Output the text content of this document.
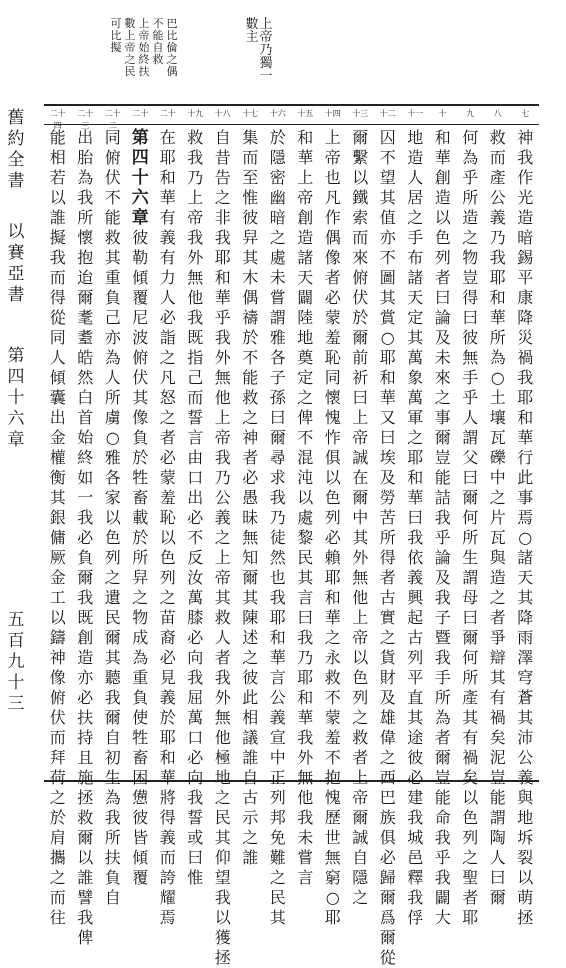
巴
比
倫
之
偶
不
能
自
救
上
帝
始
終
扶
數
上
帝
之
民
可
比
擬
上
帝
乃
獨
一
數
主
舊
約
全
書
以
賽
亞
書
第
四
十
六
章
五
百
九
十
三
七
八
九
十
十一
十二
十三
十四
十五
十六
十七
十八
十九
二十
二十一
二十二
二十三
二十四
神
我
作
光
造
暗
錫
平
康
降
災
禍
我
耶
和
華
行
此
事
焉
○
諸
天
其
降
雨
澤
穹
蒼
其
沛
公
義
與
地
坼
裂
以
萌
拯
救
而
產
公
義
乃
我
耶
和
華
所
為
○
土
壤
瓦
礫
中
之
片
瓦
與
造
之
者
爭
辯
其
有
禍
矣
泥
豈
能
謂
陶
人
曰
爾
何
為
乎
所
造
之
物
豈
得
曰
彼
無
手
乎
人
謂
父
曰
爾
何
所
生
謂
母
曰
爾
何
所
產
其
有
禍
矣
以
色
列
之
聖
者
耶
和
華
創
造
以
色
列
者
曰
論
及
未
來
之
事
爾
豈
能
詰
我
乎
論
及
我
子
暨
我
手
所
為
者
爾
豈
能
命
我
乎
我
闢
大
地
造
人
居
之
手
布
諸
天
定
其
萬
象
萬
軍
之
耶
和
華
曰
我
依
義
興
起
古
列
平
直
其
途
彼
必
建
我
城
邑
釋
我
俘
囚
不
望
其
值
亦
不
圖
其
賞
○
耶
和
華
又
曰
埃
及
勞
苦
所
得
者
古
實
之
貨
財
及
雄
偉
之
西
巴
族
俱
必
歸
爾
爲
爾
從
爾
繫
以
鐵
索
而
來
俯
伏
於
爾
前
祈
曰
上
帝
誠
在
爾
中
其
外
無
他
上
帝
以
色
列
之
救
者
上
帝
爾
誠
自
隱
之
上
帝
也
凡
作
偶
像
者
必
蒙
羞
恥
同
懷
愧
怍
俱
以
色
列
必
賴
耶
和
華
之
永
救
不
蒙
羞
不
抱
愧
歷
世
無
窮
○
耶
和
華
上
帝
創
造
諸
天
闢
陸
地
奠
定
之
俾
不
混
沌
以
處
黎
民
其
言
曰
我
乃
耶
和
華
我
外
無
他
我
未
嘗
言
於
隱
密
幽
暗
之
處
未
嘗
謂
雅
各
子
孫
曰
爾
尋
求
我
乃
徒
然
也
我
耶
和
華
言
公
義
宣
中
正
列
邦
免
難
之
民
其
集
而
至
惟
彼
舁
其
木
偶
禱
於
不
能
救
之
神
者
必
愚
昧
無
知
爾
其
陳
述
之
彼
此
相
議
誰
自
古
示
之
誰
自
昔
告
之
非
我
耶
和
華
乎
我
外
無
他
上
帝
我
乃
公
義
之
上
帝
其
救
人
者
我
外
無
他
極
地
之
民
其
仰
望
我
以
獲
拯
救
我
乃
上
帝
我
外
無
他
我
既
指
己
而
誓
言
由
口
出
必
不
反
汝
萬
膝
必
向
我
屈
萬
口
必
向
我
誓
或
曰
惟
在
耶
和
華
有
義
有
力
人
必
詣
之
凡
怒
之
者
必
蒙
羞
恥
以
色
列
之
苗
裔
必
見
義
於
耶
和
華
將
得
義
而
誇
耀
焉
第
四
十
六
章
彼
勒
傾
覆
尼
波
俯
伏
其
像
負
於
牲
畜
載
於
所
舁
之
物
成
為
重
負
使
牲
畜
困
憊
彼
皆
傾
覆
同
俯
伏
不
能
救
其
重
負
己
亦
為
人
所
虜
○
雅
各
家
以
色
列
之
遺
民
爾
其
聽
我
爾
自
初
生
為
我
所
扶
負
自
出
胎
為
我
所
懷
抱
迨
爾
耄
耋
皓
然
白
首
始
終
如
一
我
必
負
爾
我
既
創
造
亦
必
扶
持
且
施
拯
救
爾
以
誰
譬
我
俾
能
相
若
以
誰
擬
我
而
得
從
同
人
傾
囊
出
金
權
衡
其
銀
傭
厥
金
工
以
鑄
神
像
俯
伏
而
拜
荷
之
於
肩
攜
之
而
往
